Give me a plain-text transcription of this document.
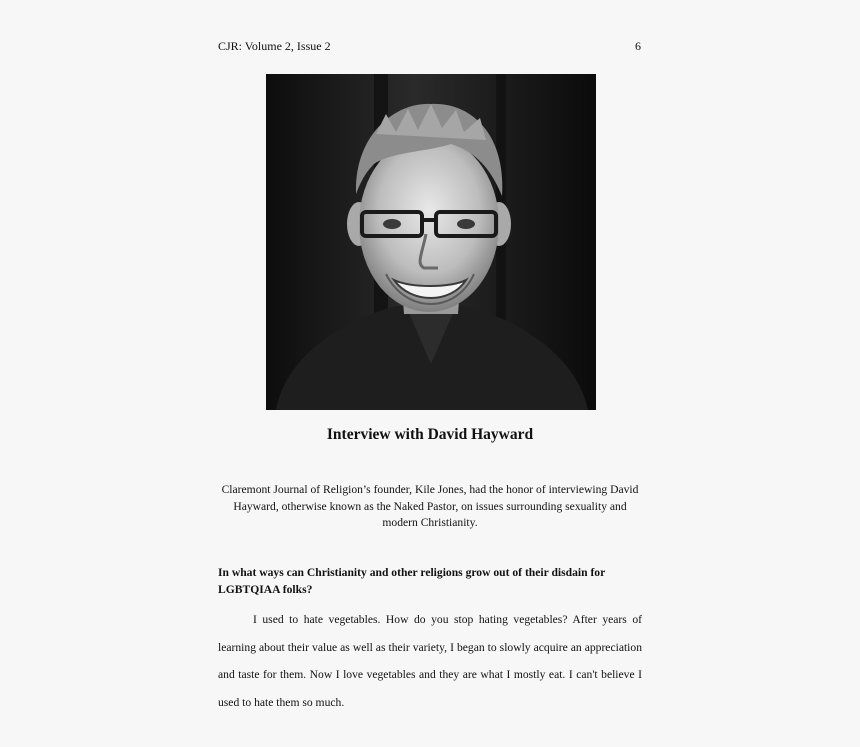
CJR: Volume 2, Issue 2	6
Interview with David Hayward
Claremont Journal of Religion’s founder, Kile Jones, had the honor of interviewing David Hayward, otherwise known as the Naked Pastor, on issues surrounding sexuality and modern Christianity.
In what ways can Christianity and other religions grow out of their disdain for LGBTQIAA folks?

I used to hate vegetables. How do you stop hating vegetables? After years of learning about their value as well as their variety, I began to slowly acquire an appreciation and taste for them. Now I love vegetables and they are what I mostly eat. I can't believe I used to hate them so much.
